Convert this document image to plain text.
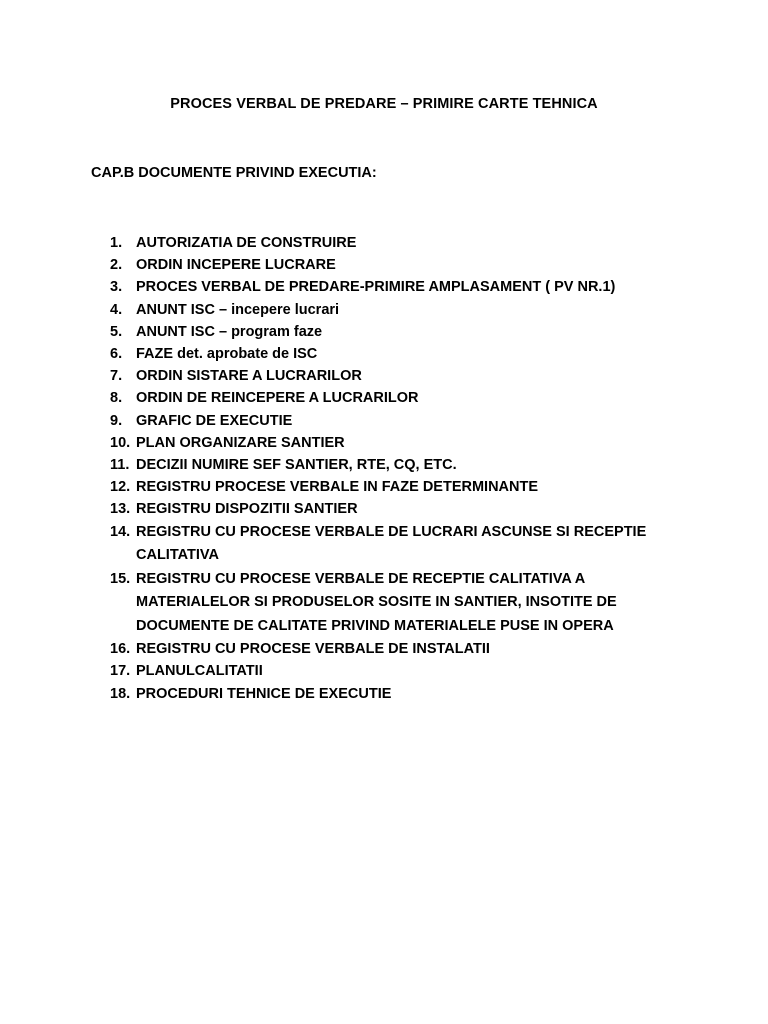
PROCES VERBAL DE PREDARE – PRIMIRE CARTE TEHNICA
CAP.B DOCUMENTE PRIVIND EXECUTIA:
1. AUTORIZATIA DE CONSTRUIRE
2. ORDIN INCEPERE LUCRARE
3. PROCES VERBAL DE PREDARE-PRIMIRE AMPLASAMENT ( PV NR.1)
4. ANUNT ISC – incepere lucrari
5. ANUNT ISC – program faze
6. FAZE det. aprobate de ISC
7. ORDIN SISTARE A LUCRARILOR
8. ORDIN DE REINCEPERE A LUCRARILOR
9. GRAFIC DE EXECUTIE
10. PLAN ORGANIZARE SANTIER
11. DECIZII NUMIRE SEF SANTIER, RTE, CQ, ETC.
12. REGISTRU PROCESE VERBALE IN FAZE DETERMINANTE
13. REGISTRU DISPOZITII SANTIER
14. REGISTRU CU PROCESE VERBALE DE LUCRARI ASCUNSE SI RECEPTIE CALITATIVA
15. REGISTRU CU PROCESE VERBALE DE RECEPTIE CALITATIVA A MATERIALELOR SI PRODUSELOR SOSITE IN SANTIER, INSOTITE DE DOCUMENTE DE CALITATE PRIVIND MATERIALELE PUSE IN OPERA
16. REGISTRU CU PROCESE VERBALE DE INSTALATII
17. PLANULCALITATII
18. PROCEDURI TEHNICE DE EXECUTIE
